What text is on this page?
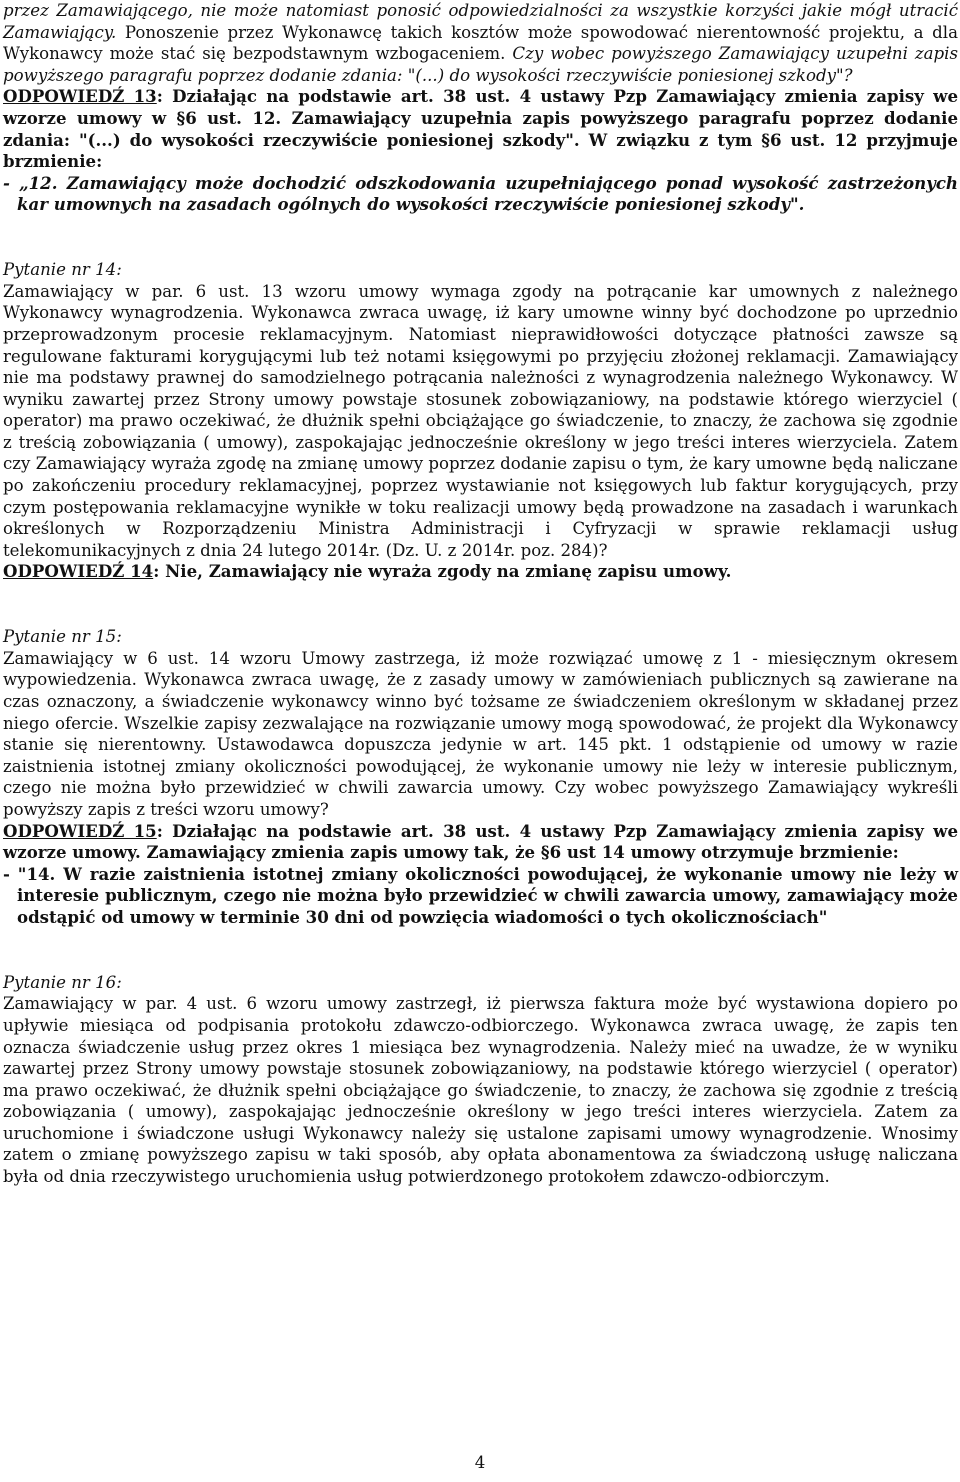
przez Zamawiającego, nie może natomiast ponosić odpowiedzialności za wszystkie korzyści jakie mógł utracić Zamawiający. Ponoszenie przez Wykonawcę takich kosztów może spowodować nierentowność projektu, a dla Wykonawcy może stać się bezpodstawnym wzbogaceniem. Czy wobec powyższego Zamawiający uzupełni zapis powyższego paragrafu poprzez dodanie zdania: "(...) do wysokości rzeczywiście poniesionej szkody"?

ODPOWIEDŹ 13: Działając na podstawie art. 38 ust. 4 ustawy Pzp Zamawiający zmienia zapisy we wzorze umowy w §6 ust. 12. Zamawiający uzupełnia zapis powyższego paragrafu poprzez dodanie zdania: "(...) do wysokości rzeczywiście poniesionej szkody". W związku z tym §6 ust. 12 przyjmuje brzmienie:

- „12. Zamawiający może dochodzić odszkodowania uzupełniającego ponad wysokość zastrzeżonych kar umownych na zasadach ogólnych do wysokości rzeczywiście poniesionej szkody".

Pytanie nr 14:

Zamawiający w par. 6 ust. 13 wzoru umowy wymaga zgody na potrącanie kar umownych z należnego Wykonawcy wynagrodzenia. Wykonawca zwraca uwagę, iż kary umowne winny być dochodzone po uprzednio przeprowadzonym procesie reklamacyjnym. Natomiast nieprawidłowości dotyczące płatności zawsze są regulowane fakturami korygującymi lub też notami księgowymi po przyjęciu złożonej reklamacji. Zamawiający nie ma podstawy prawnej do samodzielnego potrącania należności z wynagrodzenia należnego Wykonawcy. W wyniku zawartej przez Strony umowy powstaje stosunek zobowiązaniowy, na podstawie którego wierzyciel ( operator) ma prawo oczekiwać, że dłużnik spełni obciążające go świadczenie, to znaczy, że zachowa się zgodnie z treścią zobowiązania ( umowy), zaspokajając jednocześnie określony w jego treści interes wierzyciela. Zatem czy Zamawiający wyraża zgodę na zmianę umowy poprzez dodanie zapisu o tym, że kary umowne będą naliczane po zakończeniu procedury reklamacyjnej, poprzez wystawianie not księgowych lub faktur korygujących, przy czym postępowania reklamacyjne wynikłe w toku realizacji umowy będą prowadzone na zasadach i warunkach określonych w Rozporządzeniu Ministra Administracji i Cyfryzacji w sprawie reklamacji usług telekomunikacyjnych z dnia 24 lutego 2014r. (Dz. U. z 2014r. poz. 284)?

ODPOWIEDŹ 14: Nie, Zamawiający nie wyraża zgody na zmianę zapisu umowy.

Pytanie nr 15:

Zamawiający w 6 ust. 14 wzoru Umowy zastrzega, iż może rozwiązać umowę z 1 - miesięcznym okresem wypowiedzenia. Wykonawca zwraca uwagę, że z zasady umowy w zamówieniach publicznych są zawierane na czas oznaczony, a świadczenie wykonawcy winno być tożsame ze świadczeniem określonym w składanej przez niego ofercie. Wszelkie zapisy zezwalające na rozwiązanie umowy mogą spowodować, że projekt dla Wykonawcy stanie się nierentowny. Ustawodawca dopuszcza jedynie w art. 145 pkt. 1 odstąpienie od umowy w razie zaistnienia istotnej zmiany okoliczności powodującej, że wykonanie umowy nie leży w interesie publicznym, czego nie można było przewidzieć w chwili zawarcia umowy. Czy wobec powyższego Zamawiający wykreśli powyższy zapis z treści wzoru umowy?

ODPOWIEDŹ 15: Działając na podstawie art. 38 ust. 4 ustawy Pzp Zamawiający zmienia zapisy we wzorze umowy. Zamawiający zmienia zapis umowy tak, że §6 ust 14 umowy otrzymuje brzmienie:

- "14. W razie zaistnienia istotnej zmiany okoliczności powodującej, że wykonanie umowy nie leży w interesie publicznym, czego nie można było przewidzieć w chwili zawarcia umowy, zamawiający może odstąpić od umowy w terminie 30 dni od powzięcia wiadomości o tych okolicznościach"

Pytanie nr 16:

Zamawiający w par. 4 ust. 6 wzoru umowy zastrzegł, iż pierwsza faktura może być wystawiona dopiero po upływie miesiąca od podpisania protokołu zdawczo-odbiorczego. Wykonawca zwraca uwagę, że zapis ten oznacza świadczenie usług przez okres 1 miesiąca bez wynagrodzenia. Należy mieć na uwadze, że w wyniku zawartej przez Strony umowy powstaje stosunek zobowiązaniowy, na podstawie którego wierzyciel ( operator) ma prawo oczekiwać, że dłużnik spełni obciążające go świadczenie, to znaczy, że zachowa się zgodnie z treścią zobowiązania ( umowy), zaspokajając jednocześnie określony w jego treści interes wierzyciela. Zatem za uruchomione i świadczone usługi Wykonawcy należy się ustalone zapisami umowy wynagrodzenie. Wnosimy zatem o zmianę powyższego zapisu w taki sposób, aby opłata abonamentowa za świadczoną usługę naliczana była od dnia rzeczywistego uruchomienia usług potwierdzonego protokołem zdawczo-odbiorczym.

4
